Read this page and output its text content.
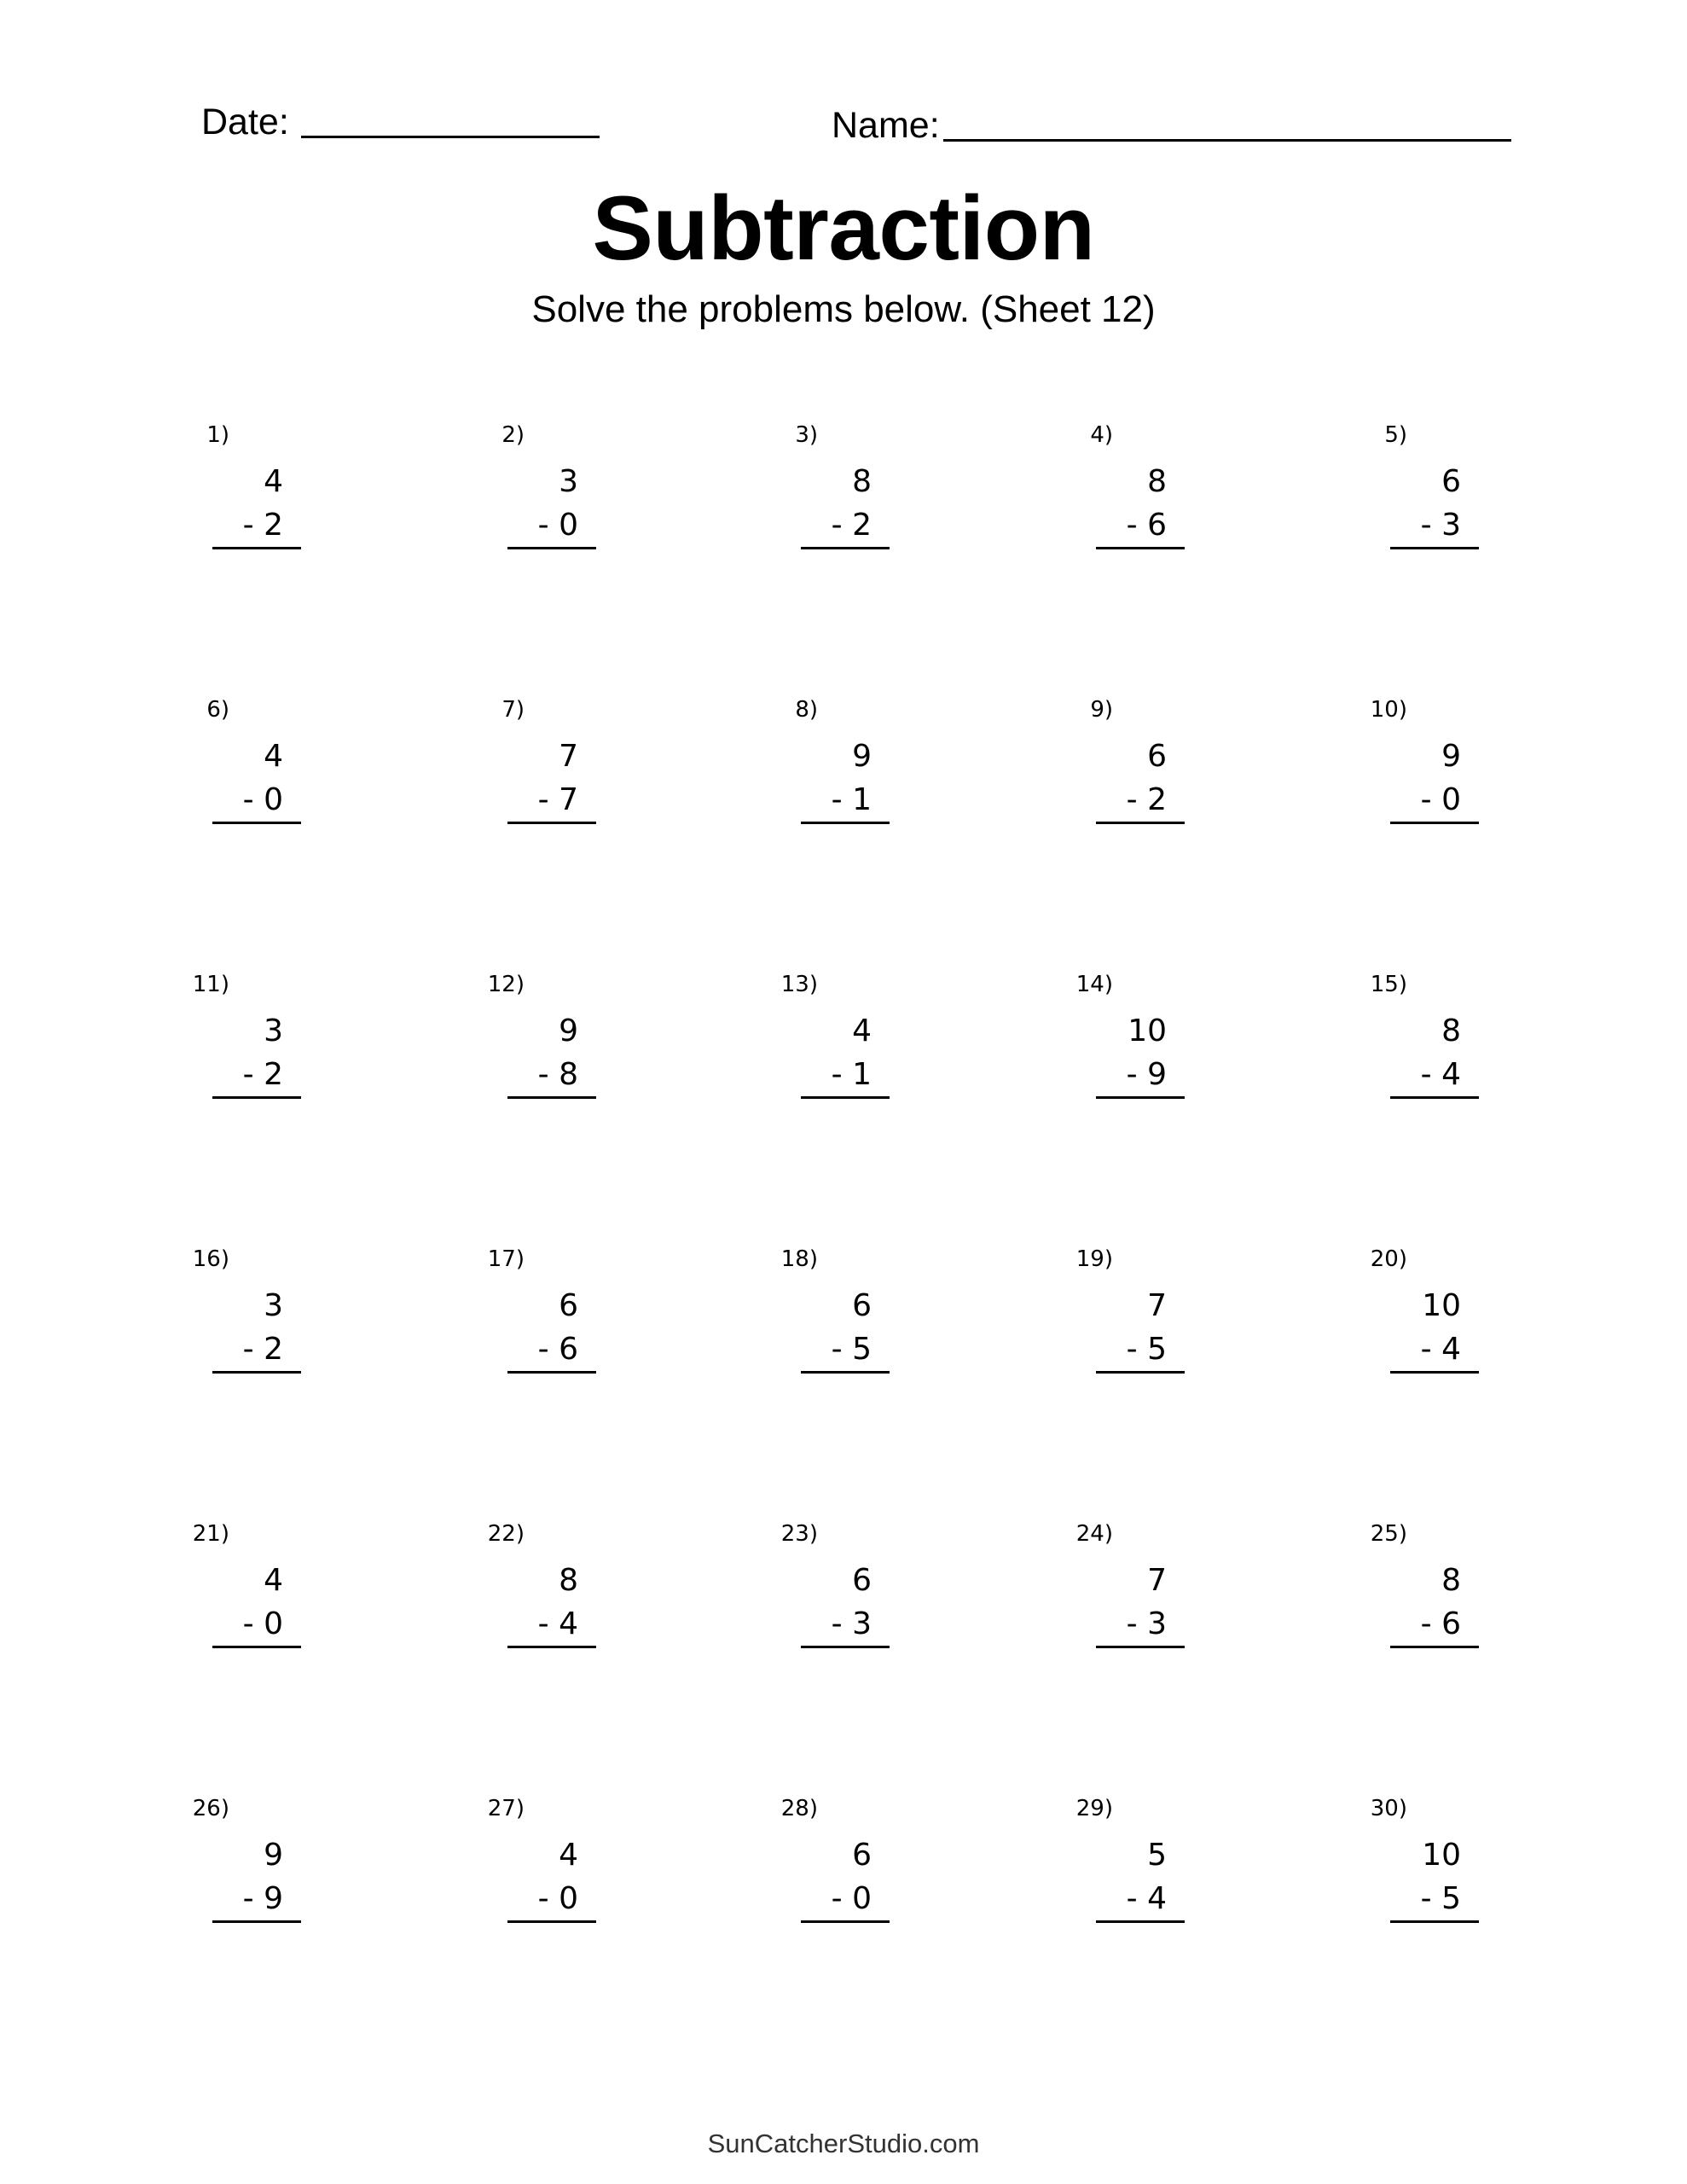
Date:	Name:
Subtraction
Solve the problems below. (Sheet 12)
1)
4
- 2
2)
3
- 0
3)
8
- 2
4)
8
- 6
5)
6
- 3
6)
4
- 0
7)
7
- 7
8)
9
- 1
9)
6
- 2
10)
9
- 0
11)
3
- 2
12)
9
- 8
13)
4
- 1
14)
10
- 9
15)
8
- 4
16)
3
- 2
17)
6
- 6
18)
6
- 5
19)
7
- 5
20)
10
- 4
21)
4
- 0
22)
8
- 4
23)
6
- 3
24)
7
- 3
25)
8
- 6
26)
9
- 9
27)
4
- 0
28)
6
- 0
29)
5
- 4
30)
10
- 5
SunCatcherStudio.com
